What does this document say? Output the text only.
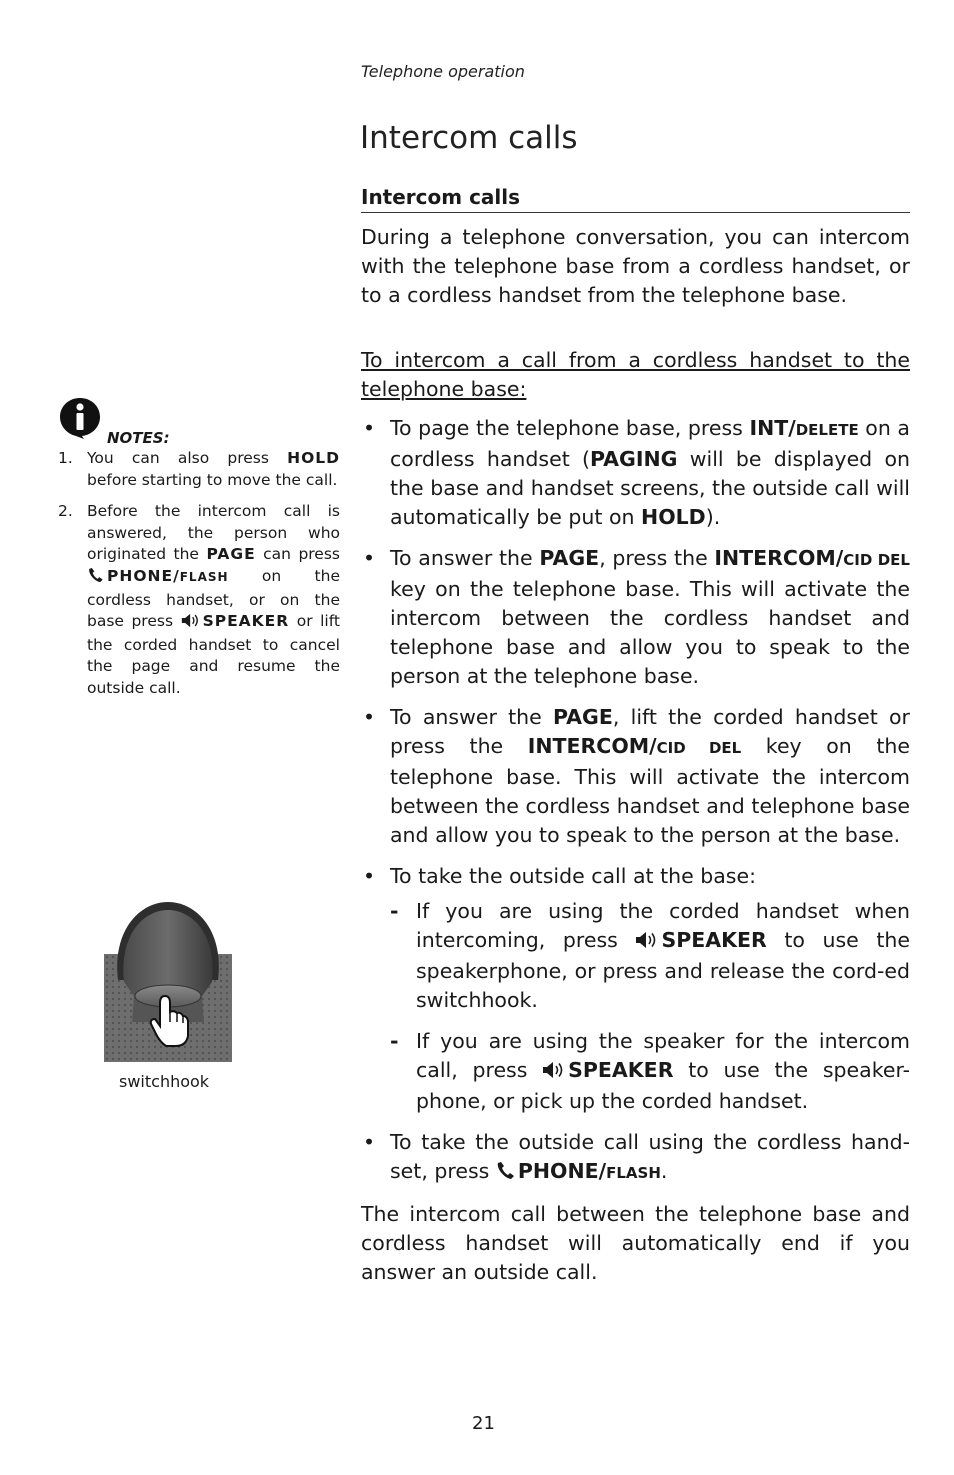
Telephone operation
Intercom calls
Intercom calls

During a telephone conversation, you can intercom with the telephone base from a cordless handset, or to a cordless handset from the telephone base.

To intercom a call from a cordless handset to the telephone base:

• To page the telephone base, press INT/DELETE on a cordless handset (PAGING will be displayed on the base and handset screens, the outside call will automatically be put on HOLD).
• To answer the PAGE, press the INTERCOM/CID DEL key on the telephone base. This will activate the intercom between the cordless handset and telephone base and allow you to speak to the person at the telephone base.
• To answer the PAGE, lift the corded handset or press the INTERCOM/CID DEL key on the telephone base. This will activate the intercom between the cordless handset and telephone base and allow you to speak to the person at the base.
• To take the outside call at the base:
- If you are using the corded handset when intercoming, press SPEAKER to use the speakerphone, or press and release the cord-ed switchhook.
- If you are using the speaker for the intercom call, press SPEAKER to use the speaker-phone, or pick up the corded handset.
• To take the outside call using the cordless hand-set, press PHONE/FLASH.

The intercom call between the telephone base and cordless handset will automatically end if you answer an outside call.

NOTES:
1. You can also press HOLD before starting to move the call.
2. Before the intercom call is answered, the person who originated the PAGE can press PHONE/FLASH on the cordless handset, or on the base press SPEAKER or lift the corded handset to cancel the page and resume the outside call.
switchhook
21
